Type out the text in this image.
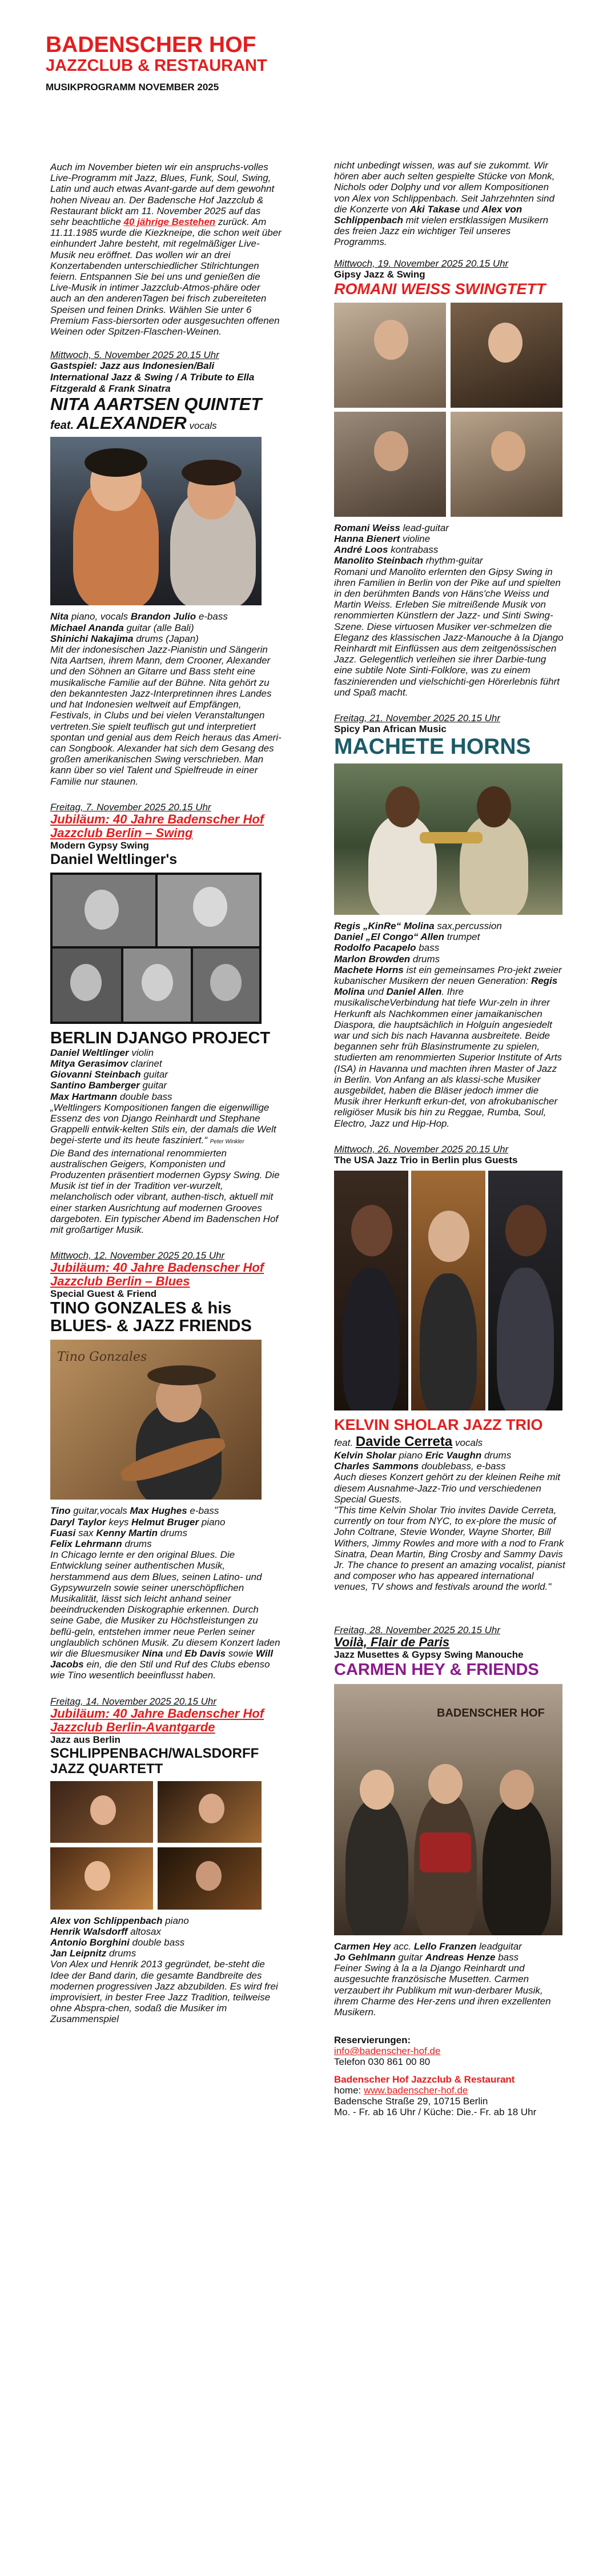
BADENSCHER HOF
JAZZCLUB & RESTAURANT
MUSIKPROGRAMM NOVEMBER 2025
Auch im November bieten wir ein anspruchs-volles Live-Programm mit Jazz, Blues, Funk, Soul, Swing, Latin und auch etwas Avant-garde auf dem gewohnt hohen Niveau an. Der Badensche Hof Jazzclub & Restaurant blickt am 11. November 2025 auf das sehr beachtliche 40 jährige Bestehen zurück. Am 11.11.1985 wurde die Kiezkneipe, die schon weit über einhundert Jahre besteht, mit regelmäßiger Live-Musik neu eröffnet. Das wollen wir an drei Konzertabenden unterschiedlicher Stilrichtungen feiern. Entspannen Sie bei uns und genießen die Live-Musik in intimer Jazzclub-Atmos-phäre oder auch an den anderenTagen bei frisch zubereiteten Speisen und feinen Drinks. Wählen Sie unter 6 Premium Fass-biersorten oder ausgesuchten offenen Weinen oder Spitzen-Flaschen-Weinen.
Mittwoch, 5. November 2025 20.15 Uhr
Gastspiel: Jazz aus Indonesien/Bali
International Jazz & Swing / A Tribute to Ella Fitzgerald & Frank Sinatra
NITA AARTSEN QUINTET
feat. ALEXANDER vocals
Nita piano, vocals Brandon Julio e-bass
Michael Ananda guitar (alle Bali)
Shinichi Nakajima drums (Japan)
Mit der indonesischen Jazz-Pianistin und Sängerin Nita Aartsen, ihrem Mann, dem Crooner, Alexander und den Söhnen an Gitarre und Bass steht eine musikalische Familie auf der Bühne. Nita gehört zu den bekanntesten Jazz-Interpretinnen ihres Landes und hat Indonesien weltweit auf Empfängen, Festivals, in Clubs und bei vielen Veranstaltungen vertreten.Sie spielt teuflisch gut und interpretiert spontan und genial aus dem Reich heraus das Ameri-can Songbook. Alexander hat sich dem Gesang des großen amerikanischen Swing verschrieben. Man kann über so viel Talent und Spielfreude in einer Familie nur staunen.
Freitag, 7. November 2025 20.15 Uhr
Jubiläum: 40 Jahre Badenscher Hof Jazzclub Berlin – Swing
Modern Gypsy Swing
Daniel Weltlinger's
BERLIN DJANGO PROJECT
Daniel Weltlinger violin
Mitya Gerasimov clarinet
Giovanni Steinbach guitar
Santino Bamberger guitar
Max Hartmann double bass
„Weltlingers Kompositionen fangen die eigenwillige Essenz des von Django Reinhardt und Stephane Grappelli entwik-kelten Stils ein, der damals die Welt begei-sterte und its heute fasziniert.“ Peter Winkler
Die Band des international renommierten australischen Geigers, Komponisten und Produzenten präsentiert modernen Gypsy Swing. Die Musik ist tief in der Tradition ver-wurzelt, melancholisch oder vibrant, authen-tisch, aktuell mit einer starken Ausrichtung auf modernen Grooves dargeboten. Ein typischer Abend im Badenschen Hof mit großartiger Musik.
Mittwoch, 12. November 2025 20.15 Uhr
Jubiläum: 40 Jahre Badenscher Hof Jazzclub Berlin – Blues
Special Guest & Friend
TINO GONZALES & his BLUES- & JAZZ FRIENDS
Tino Gonzales
Tino guitar,vocals Max Hughes e-bass
Daryl Taylor keys Helmut Bruger piano
Fuasi sax Kenny Martin drums
Felix Lehrmann drums
In Chicago lernte er den original Blues. Die Entwicklung seiner authentischen Musik, herstammend aus dem Blues, seinen Latino- und Gypsywurzeln sowie seiner unerschöpflichen Musikalität, lässt sich leicht anhand seiner beeindruckenden Diskographie erkennen. Durch seine Gabe, die Musiker zu Höchstleistungen zu beflü-geln, entstehen immer neue Perlen seiner unglaublich schönen Musik. Zu diesem Konzert laden wir die Bluesmusiker Nina und Eb Davis sowie Will Jacobs ein, die den Stil und Ruf des Clubs ebenso wie Tino wesentlich beeinflusst haben.
Freitag, 14. November 2025 20.15 Uhr
Jubiläum: 40 Jahre Badenscher Hof Jazzclub Berlin-Avantgarde
Jazz aus Berlin
SCHLIPPENBACH/WALSDORFF JAZZ QUARTETT
Alex von Schlippenbach piano
Henrik Walsdorff altosax
Antonio Borghini double bass
Jan Leipnitz drums
Von Alex und Henrik 2013 gegründet, be-steht die Idee der Band darin, die gesamte Bandbreite des modernen progressiven Jazz abzubilden. Es wird frei improvisiert, in bester Free Jazz Tradition, teilweise ohne Abspra-chen, sodaß die Musiker im Zusammenspiel
nicht unbedingt wissen, was auf sie zukommt. Wir hören aber auch selten gespielte Stücke von Monk, Nichols oder Dolphy und vor allem Kompositionen von Alex von Schlippenbach. Seit Jahrzehnten sind die Konzerte von Aki Takase und Alex von Schlippenbach mit vielen erstklassigen Musikern des freien Jazz ein wichtiger Teil unseres Programms.
Mittwoch, 19. November 2025 20.15 Uhr
Gipsy Jazz & Swing
ROMANI WEISS SWINGTETT
Romani Weiss lead-guitar
Hanna Bienert violine
André Loos kontrabass
Manolito Steinbach rhythm-guitar
Romani und Manolito erlernten den Gipsy Swing in ihren Familien in Berlin von der Pike auf und spielten in den berühmten Bands von Häns'che Weiss und Martin Weiss. Erleben Sie mitreißende Musik von renommierten Künstlern der Jazz- und Sinti Swing-Szene. Diese virtuosen Musiker ver-schmelzen die Eleganz des klassischen Jazz-Manouche à la Django Reinhardt mit Einflüssen aus dem zeitgenössischen Jazz. Gelegentlich verleihen sie ihrer Darbie-tung eine subtile Note Sinti-Folklore, was zu einem faszinierenden und vielschichti-gen Hörerlebnis führt und Spaß macht.
Freitag, 21. November 2025 20.15 Uhr
Spicy Pan African Music
MACHETE HORNS
Regis „KinRe“ Molina sax,percussion
Daniel „El Congo“ Allen trumpet
Rodolfo Pacapelo bass
Marlon Browden drums
Machete Horns ist ein gemeinsames Pro-jekt zweier kubanischer Musikern der neuen Generation: Regis Molina und Daniel Allen. Ihre musikalischeVerbindung hat tiefe Wur-zeln in ihrer Herkunft als Nachkommen einer jamaikanischen Diaspora, die hauptsächlich in Holguín angesiedelt war und sich bis nach Havanna ausbreitete. Beide begannen sehr früh Blasinstrumente zu spielen, studierten am renommierten Superior Institute of Arts (ISA) in Havanna und machten ihren Master of Jazz in Berlin. Von Anfang an als klassi-sche Musiker ausgebildet, haben die Bläser jedoch immer die Musik ihrer Herkunft erkun-det, von afrokubanischer religiöser Musik bis hin zu Reggae, Rumba, Soul, Electro, Jazz und Hip-Hop.
Mittwoch, 26. November 2025 20.15 Uhr
The USA Jazz Trio in Berlin plus Guests
KELVIN SHOLAR JAZZ TRIO
feat. Davide Cerreta vocals
Kelvin Sholar piano Eric Vaughn drums
Charles Sammons doublebass, e-bass
Auch dieses Konzert gehört zu der kleinen Reihe mit diesem Ausnahme-Jazz-Trio und verschiedenen Special Guests.
"This time Kelvin Sholar Trio invites Davide Cerreta, currently on tour from NYC, to ex-plore the music of John Coltrane, Stevie Wonder, Wayne Shorter, Bill Withers, Jimmy Rowles and more with a nod to Frank Sinatra, Dean Martin, Bing Crosby and Sammy Davis Jr. The chance to present an amazing vocalist, pianist and composer who has appeared international venues, TV shows and festivals around the world."
Freitag, 28. November 2025 20.15 Uhr
Voilà, Flair de Paris
Jazz Musettes & Gypsy Swing Manouche
CARMEN HEY & FRIENDS
BADENSCHER HOF
Carmen Hey acc. Lello Franzen leadguitar
Jo Gehlmann guitar Andreas Henze bass
Feiner Swing à la a la Django Reinhardt und ausgesuchte französische Musetten. Carmen verzaubert ihr Publikum mit wun-derbarer Musik, ihrem Charme des Her-zens und ihren exzellenten Musikern.
Reservierungen:
info@badenscher-hof.de
Telefon 030 861 00 80
Badenscher Hof Jazzclub & Restaurant
home: www.badenscher-hof.de
Badensche Straße 29, 10715 Berlin
Mo. - Fr. ab 16 Uhr / Küche: Die.- Fr. ab 18 Uhr
